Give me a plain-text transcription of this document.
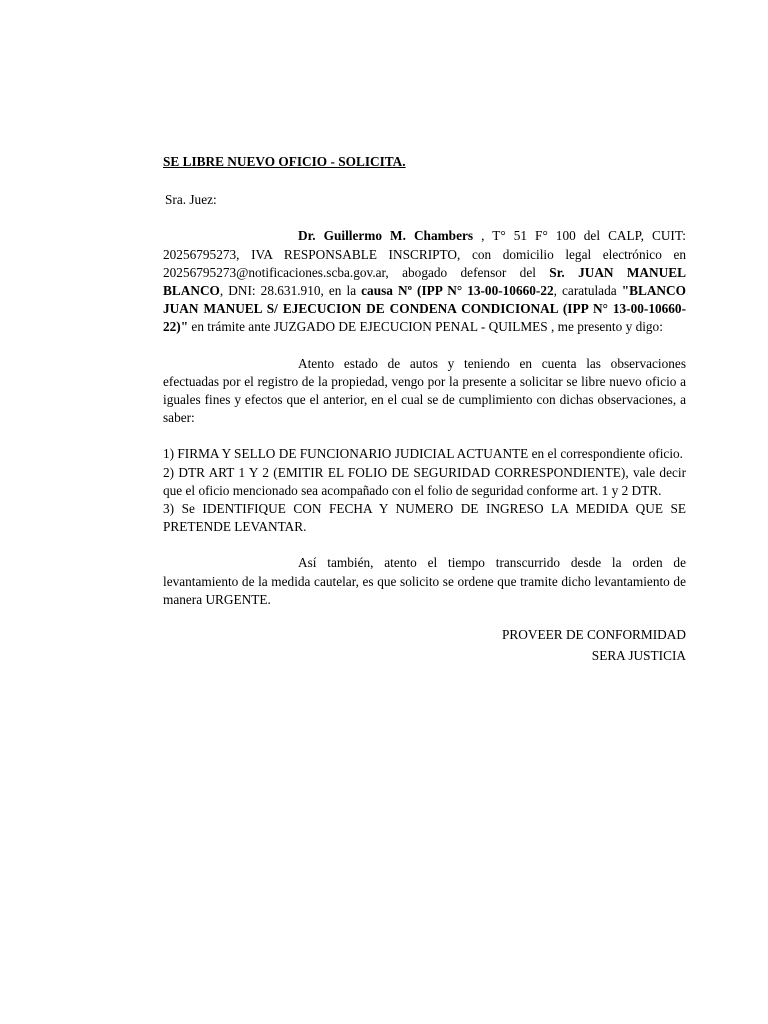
SE LIBRE NUEVO OFICIO - SOLICITA.

Sra. Juez:

Dr. Guillermo M. Chambers , T° 51 F° 100 del CALP, CUIT: 20256795273, IVA RESPONSABLE INSCRIPTO, con domicilio legal electrónico en 20256795273@notificaciones.scba.gov.ar, abogado defensor del Sr. JUAN MANUEL BLANCO, DNI: 28.631.910, en la causa Nº (IPP N° 13-00-10660-22, caratulada "BLANCO JUAN MANUEL S/ EJECUCION DE CONDENA CONDICIONAL (IPP N° 13-00-10660-22)" en trámite ante JUZGADO DE EJECUCION PENAL - QUILMES , me presento y digo:

Atento estado de autos y teniendo en cuenta las observaciones efectuadas por el registro de la propiedad, vengo por la presente a solicitar se libre nuevo oficio a iguales fines y efectos que el anterior, en el cual se de cumplimiento con dichas observaciones, a saber:

1) FIRMA Y SELLO DE FUNCIONARIO JUDICIAL ACTUANTE en el correspondiente oficio.

2) DTR ART 1 Y 2 (EMITIR EL FOLIO DE SEGURIDAD CORRESPONDIENTE), vale decir que el oficio mencionado sea acompañado con el folio de seguridad conforme art. 1 y 2 DTR.

3) Se IDENTIFIQUE CON FECHA Y NUMERO DE INGRESO LA MEDIDA QUE SE PRETENDE LEVANTAR.

Así también, atento el tiempo transcurrido desde la orden de levantamiento de la medida cautelar, es que solicito se ordene que tramite dicho levantamiento de manera URGENTE.

PROVEER DE CONFORMIDAD

SERA JUSTICIA
